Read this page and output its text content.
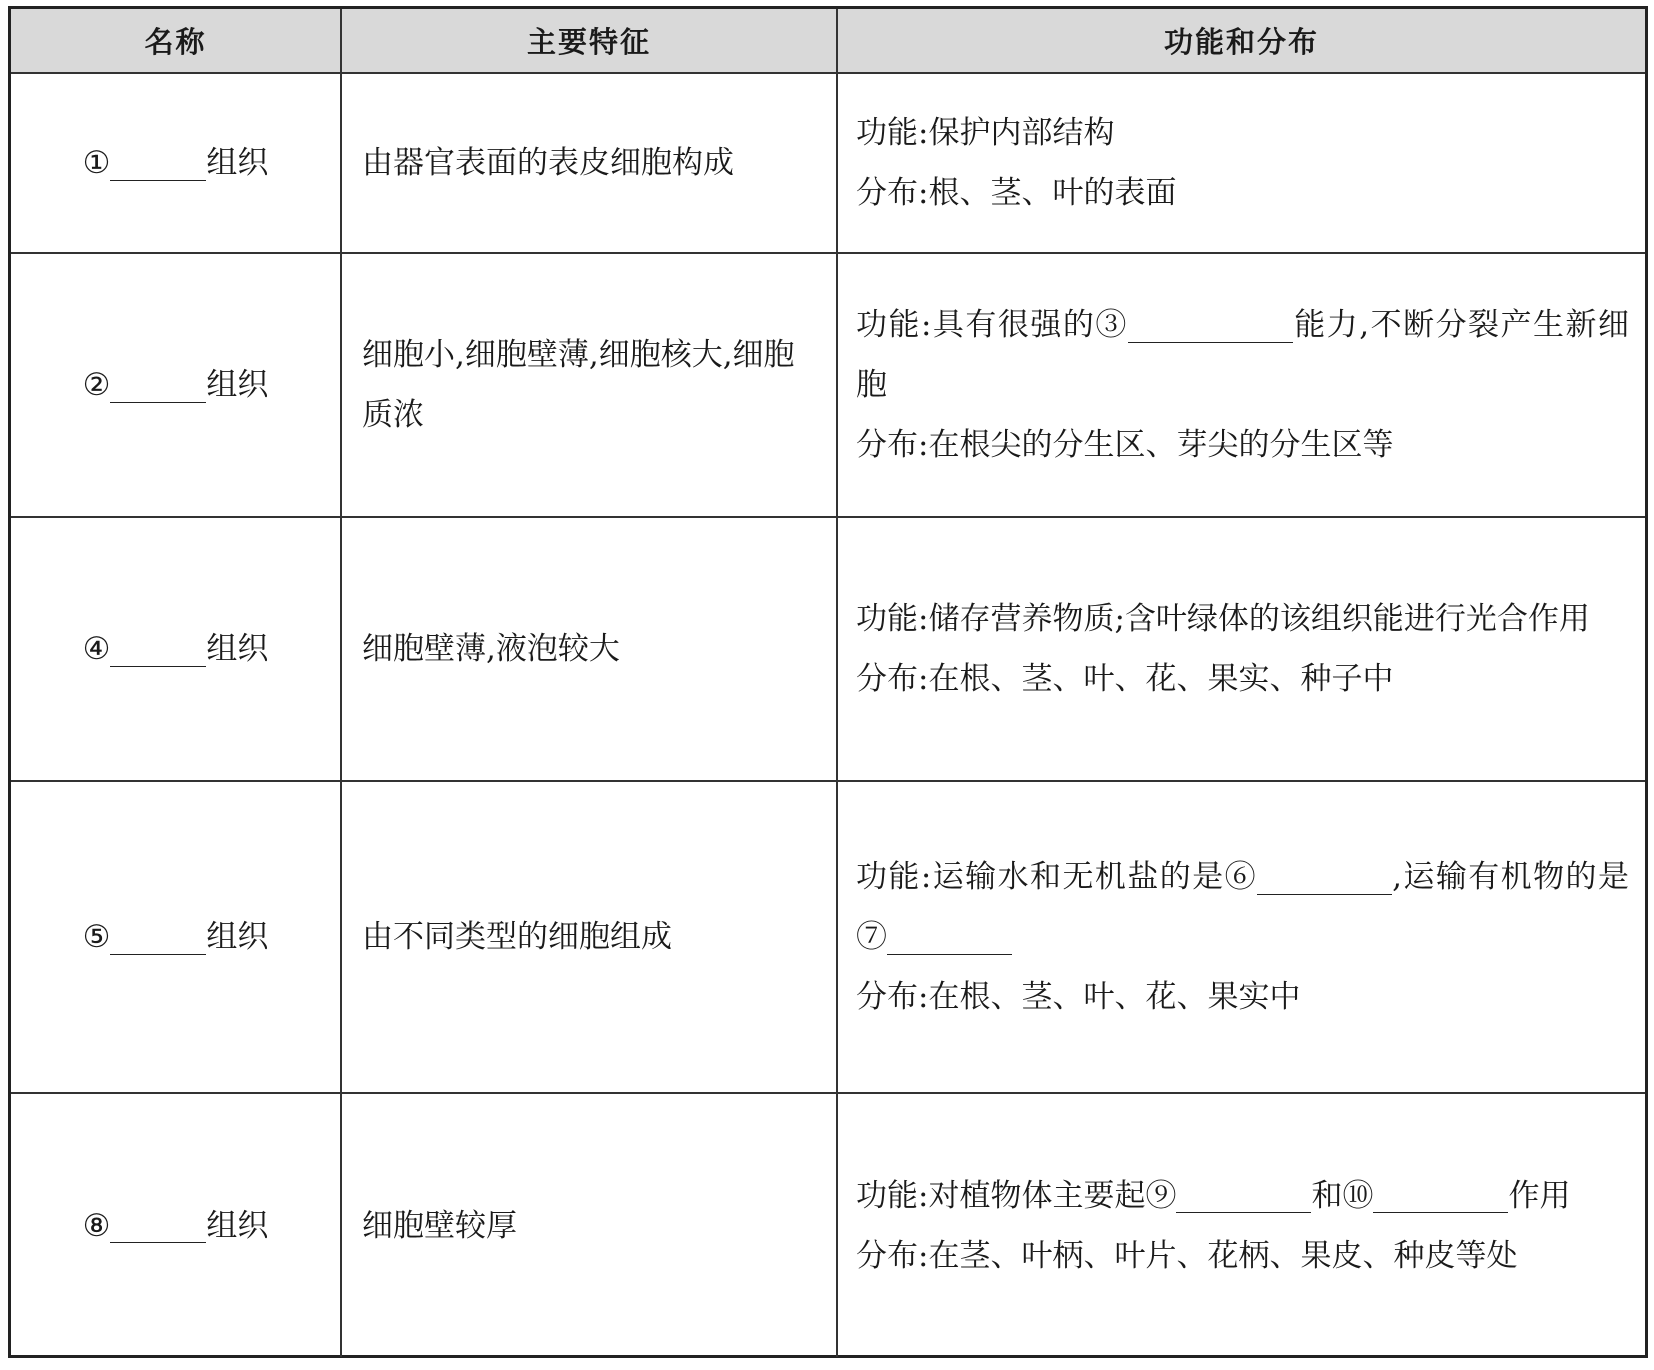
名称	主要特征	功能和分布
① 组织	由器官表面的表皮细胞构成	功能:保护内部结构
分布:根、茎、叶的表面

② 组织	细胞小,细胞壁薄,细胞核大,细胞质浓	功能:具有很强的③ 能力,不断分裂产生新细胞
分布:在根尖的分生区、芽尖的分生区等

④ 组织	细胞壁薄,液泡较大	功能:储存营养物质;含叶绿体的该组织能进行光合作用
分布:在根、茎、叶、花、果实、种子中

⑤ 组织	由不同类型的细胞组成	功能:运输水和无机盐的是⑥ ,运输有机物的是⑦
分布:在根、茎、叶、花、果实中

⑧ 组织	细胞壁较厚	功能:对植物体主要起⑨ 和⑩ 作用
分布:在茎、叶柄、叶片、花柄、果皮、种皮等处
